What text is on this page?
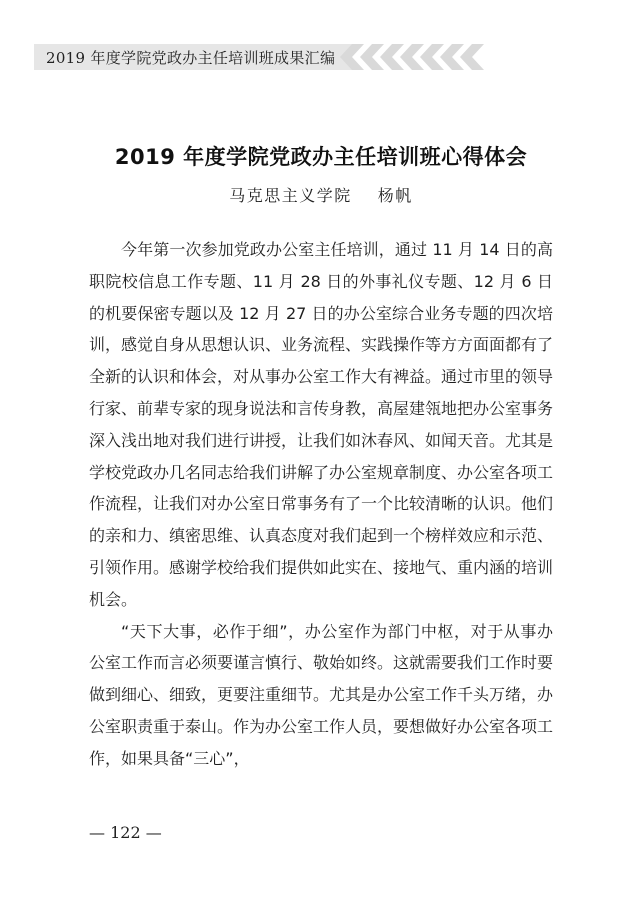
2019 年度学院党政办主任培训班成果汇编
2019 年度学院党政办主任培训班心得体会
马克思主义学院 杨帆

今年第一次参加党政办公室主任培训，通过 11 月 14 日的高职院校信息工作专题、11 月 28 日的外事礼仪专题、12 月 6 日的机要保密专题以及 12 月 27 日的办公室综合业务专题的四次培训，感觉自身从思想认识、业务流程、实践操作等方方面面都有了全新的认识和体会，对从事办公室工作大有裨益。通过市里的领导行家、前辈专家的现身说法和言传身教，高屋建瓴地把办公室事务深入浅出地对我们进行讲授，让我们如沐春风、如闻天音。尤其是学校党政办几名同志给我们讲解了办公室规章制度、办公室各项工作流程，让我们对办公室日常事务有了一个比较清晰的认识。他们的亲和力、缜密思维、认真态度对我们起到一个榜样效应和示范、引领作用。感谢学校给我们提供如此实在、接地气、重内涵的培训机会。

“天下大事，必作于细”，办公室作为部门中枢，对于从事办公室工作而言必须要谨言慎行、敬始如终。这就需要我们工作时要做到细心、细致，更要注重细节。尤其是办公室工作千头万绪，办公室职责重于泰山。作为办公室工作人员，要想做好办公室各项工作，如果具备“三心”，

— 122 —
